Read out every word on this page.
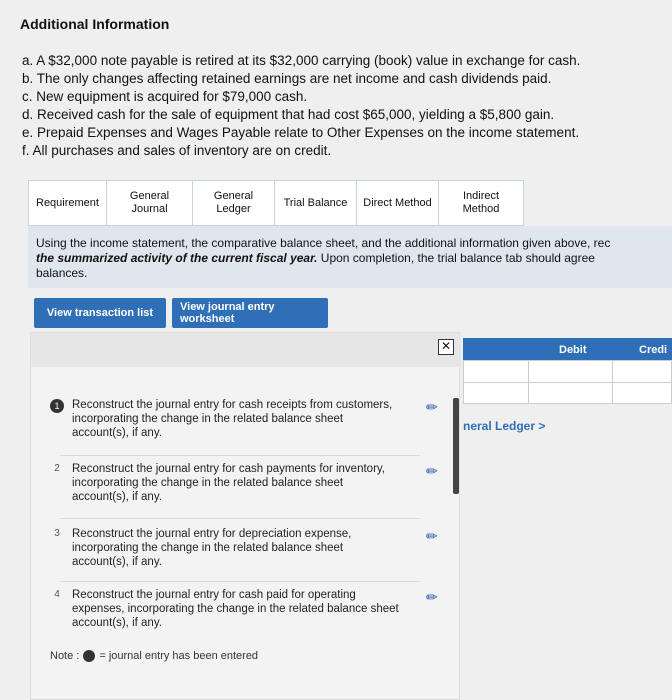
Additional Information
a. A $32,000 note payable is retired at its $32,000 carrying (book) value in exchange for cash.
b. The only changes affecting retained earnings are net income and cash dividends paid.
c. New equipment is acquired for $79,000 cash.
d. Received cash for the sale of equipment that had cost $65,000, yielding a $5,800 gain.
e. Prepaid Expenses and Wages Payable relate to Other Expenses on the income statement.
f. All purchases and sales of inventory are on credit.
Requirement
General Journal
General Ledger
Trial Balance	Direct Method
Indirect Method
Using the income statement, the comparative balance sheet, and the additional information given above, rec
the summarized activity of the current fiscal year. Upon completion, the trial balance tab should agree
balances.
View transaction list	View journal entry worksheet
✕
1	Reconstruct the journal entry for cash receipts from customers, incorporating the change in the related balance sheet account(s), if any.
✏
2	Reconstruct the journal entry for cash payments for inventory, incorporating the change in the related balance sheet account(s), if any.
✏
3	Reconstruct the journal entry for depreciation expense, incorporating the change in the related balance sheet account(s), if any.
✏
4	Reconstruct the journal entry for cash paid for operating expenses, incorporating the change in the related balance sheet account(s), if any.
✏
Note : = journal entry has been entered
Debit	Credi
neral Ledger >
